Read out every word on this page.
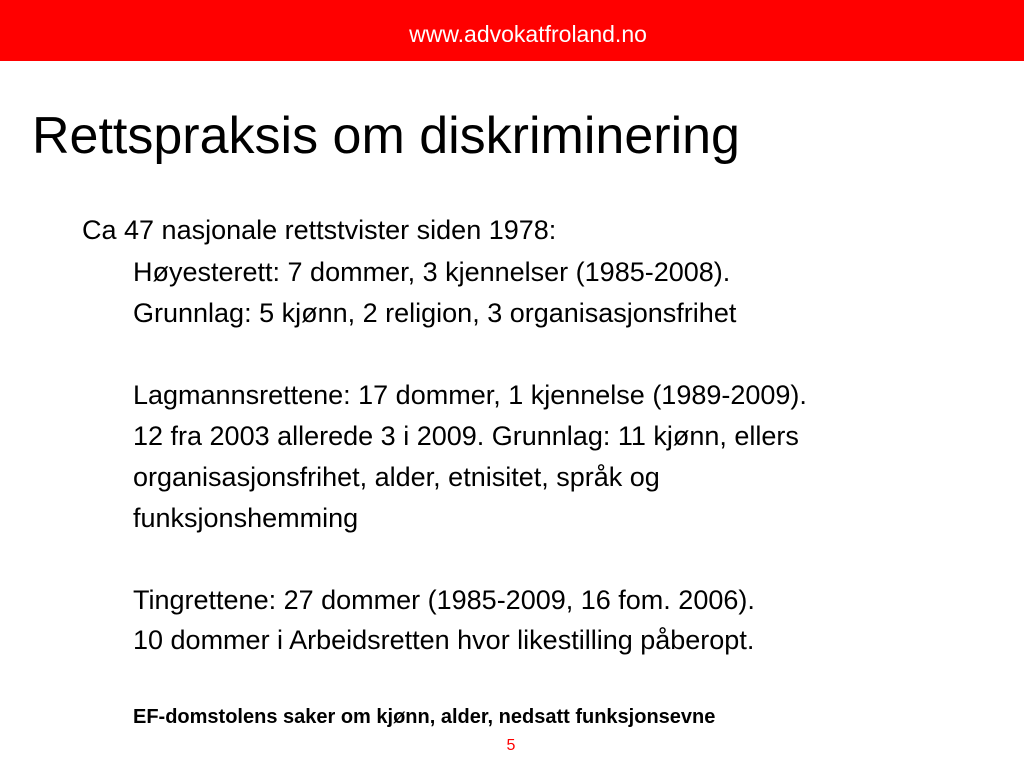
www.advokatfroland.no
Rettspraksis om diskriminering
Ca 47 nasjonale rettstvister siden 1978:
Høyesterett: 7 dommer, 3 kjennelser (1985-2008).
Grunnlag: 5 kjønn, 2 religion, 3 organisasjonsfrihet
Lagmannsrettene: 17 dommer, 1 kjennelse (1989-2009).
12 fra 2003 allerede 3 i 2009. Grunnlag: 11 kjønn, ellers
organisasjonsfrihet, alder, etnisitet, språk og
funksjonshemming
Tingrettene: 27 dommer (1985-2009, 16 fom. 2006).
10 dommer i Arbeidsretten hvor likestilling påberopt.
EF-domstolens saker om kjønn, alder, nedsatt funksjonsevne
5
